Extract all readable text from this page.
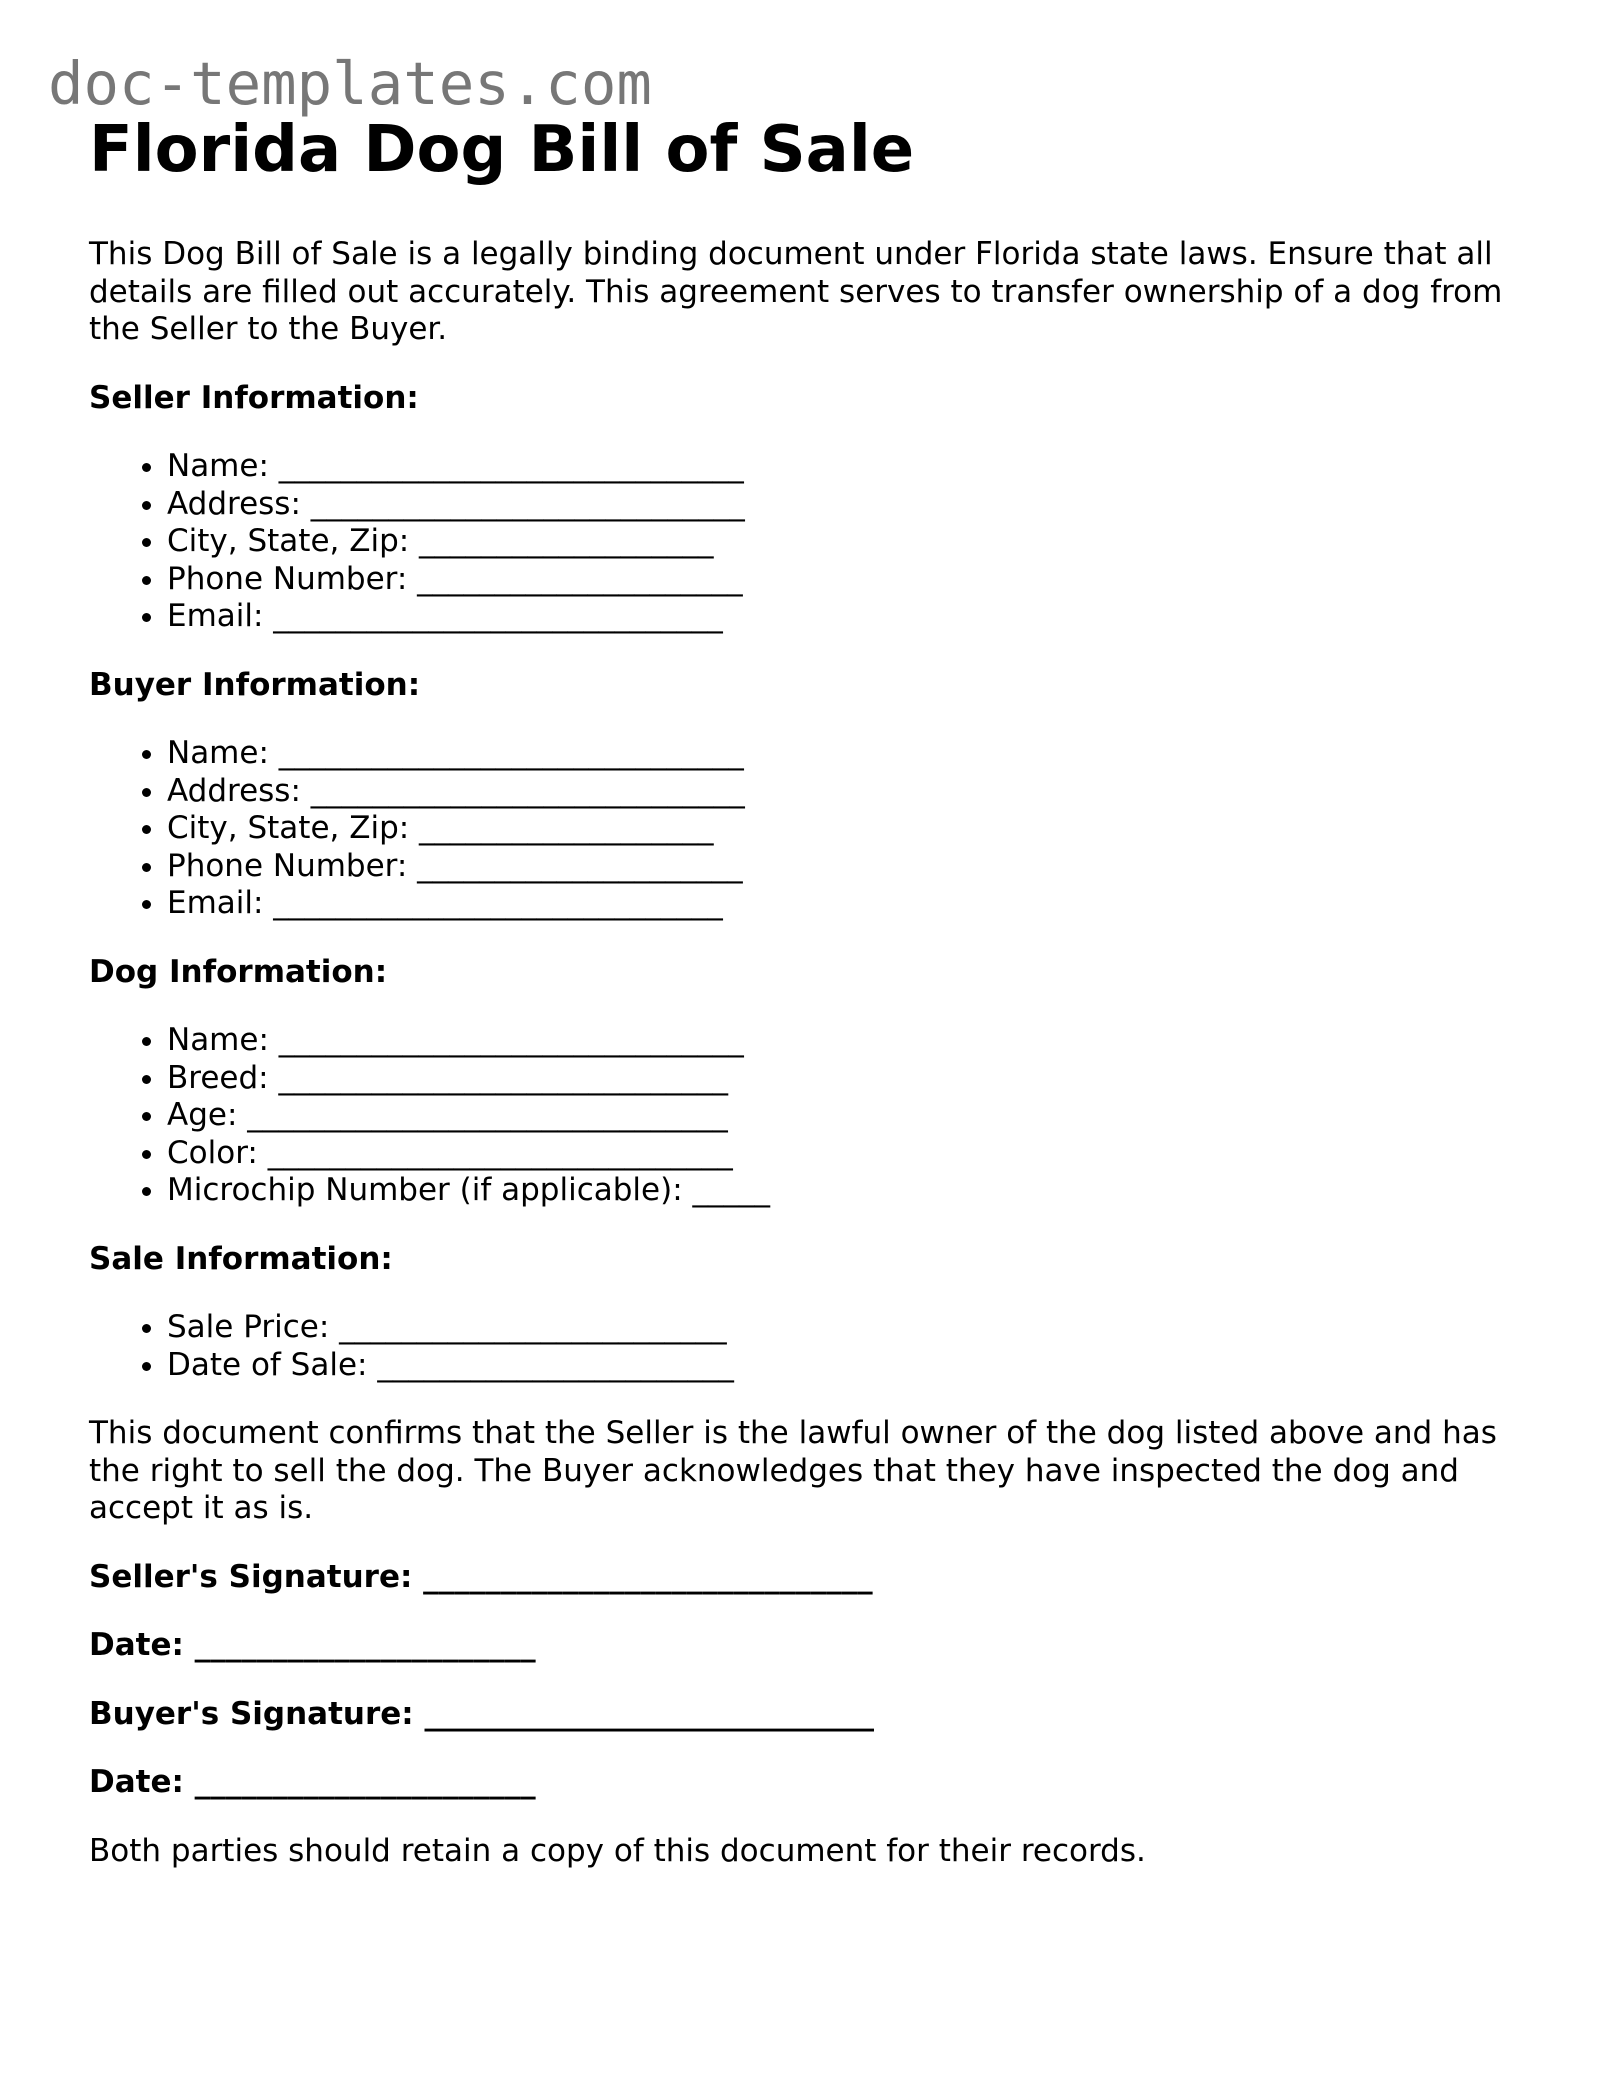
doc-templates.com
Florida Dog Bill of Sale

This Dog Bill of Sale is a legally binding document under Florida state laws. Ensure that all details are filled out accurately. This agreement serves to transfer ownership of a dog from the Seller to the Buyer.

Seller Information:
• Name: ______________________________
• Address: ____________________________
• City, State, Zip: ___________________
• Phone Number: _____________________
• Email: _____________________________
Buyer Information:
• Name: ______________________________
• Address: ____________________________
• City, State, Zip: ___________________
• Phone Number: _____________________
• Email: _____________________________
Dog Information:
• Name: ______________________________
• Breed: _____________________________
• Age: _______________________________
• Color: ______________________________
• Microchip Number (if applicable): _____
Sale Information:
• Sale Price: _________________________
• Date of Sale: _______________________

This document confirms that the Seller is the lawful owner of the dog listed above and has the right to sell the dog. The Buyer acknowledges that they have inspected the dog and accept it as is.

Seller's Signature: _____________________________
Date: ______________________
Buyer's Signature: _____________________________
Date: ______________________

Both parties should retain a copy of this document for their records.
